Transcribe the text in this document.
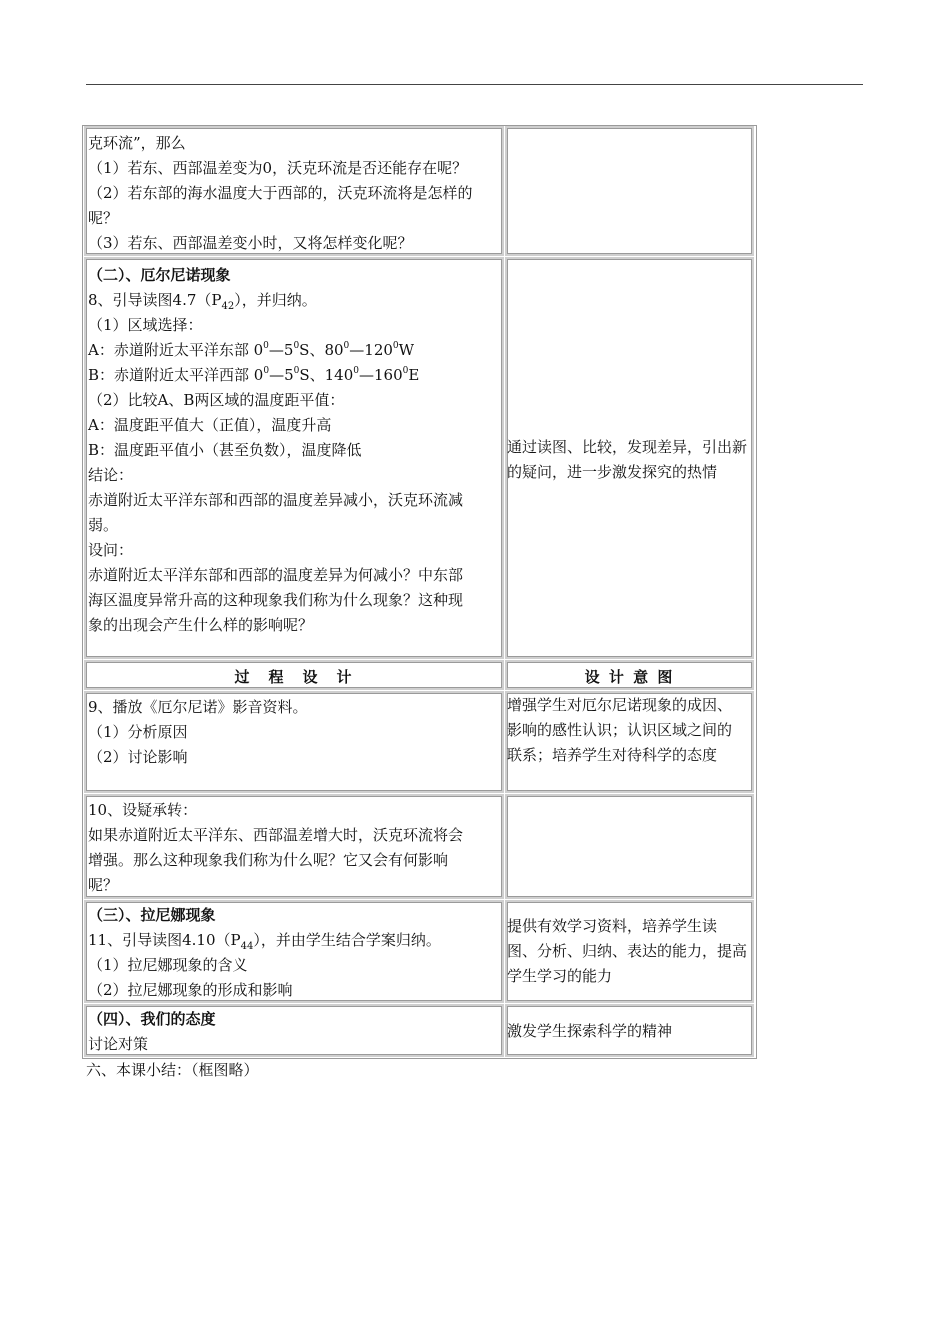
克环流”，那么
（1）若东、西部温差变为0，沃克环流是否还能存在呢？
（2）若东部的海水温度大于西部的，沃克环流将是怎样的
呢？
（3）若东、西部温差变小时，又将怎样变化呢？
（二）、厄尔尼诺现象
8、引导读图$4.7(P_{42})$，并归纳。
（1）区域选择：
A：赤道附近太平洋东部 $0^0—5^0S$、$80^0—120^0W$
B：赤道附近太平洋西部 $0^0—5^0S$、$140^0—160^0E$
（2）比较A、B两区域的温度距平值：
A：温度距平值大（正值），温度升高
B：温度距平值小（甚至负数），温度降低
结论：
赤道附近太平洋东部和西部的温度差异减小，沃克环流减
弱。
设问：
赤道附近太平洋东部和西部的温度差异为何减小？中东部
海区温度异常升高的这种现象我们称为什么现象？这种现
象的出现会产生什么样的影响呢？
通过读图、比较，发现差异，引出新
的疑问，进一步激发探究的热情
过　程　设　计	设 计 意 图
9、播放《厄尔尼诺》影音资料。
（1）分析原因
（2）讨论影响
增强学生对厄尔尼诺现象的成因、
影响的感性认识；认识区域之间的
联系；培养学生对待科学的态度
10、设疑承转：
如果赤道附近太平洋东、西部温差增大时，沃克环流将会
增强。那么这种现象我们称为什么呢？它又会有何影响
呢？
（三）、拉尼娜现象
11、引导读图$4.10(P_{44})$，并由学生结合学案归纳。
（1）拉尼娜现象的含义
（2）拉尼娜现象的形成和影响
提供有效学习资料，培养学生读
图、分析、归纳、表达的能力，提高
学生学习的能力
（四）、我们的态度
讨论对策
激发学生探索科学的精神
六、本课小结：（框图略）
